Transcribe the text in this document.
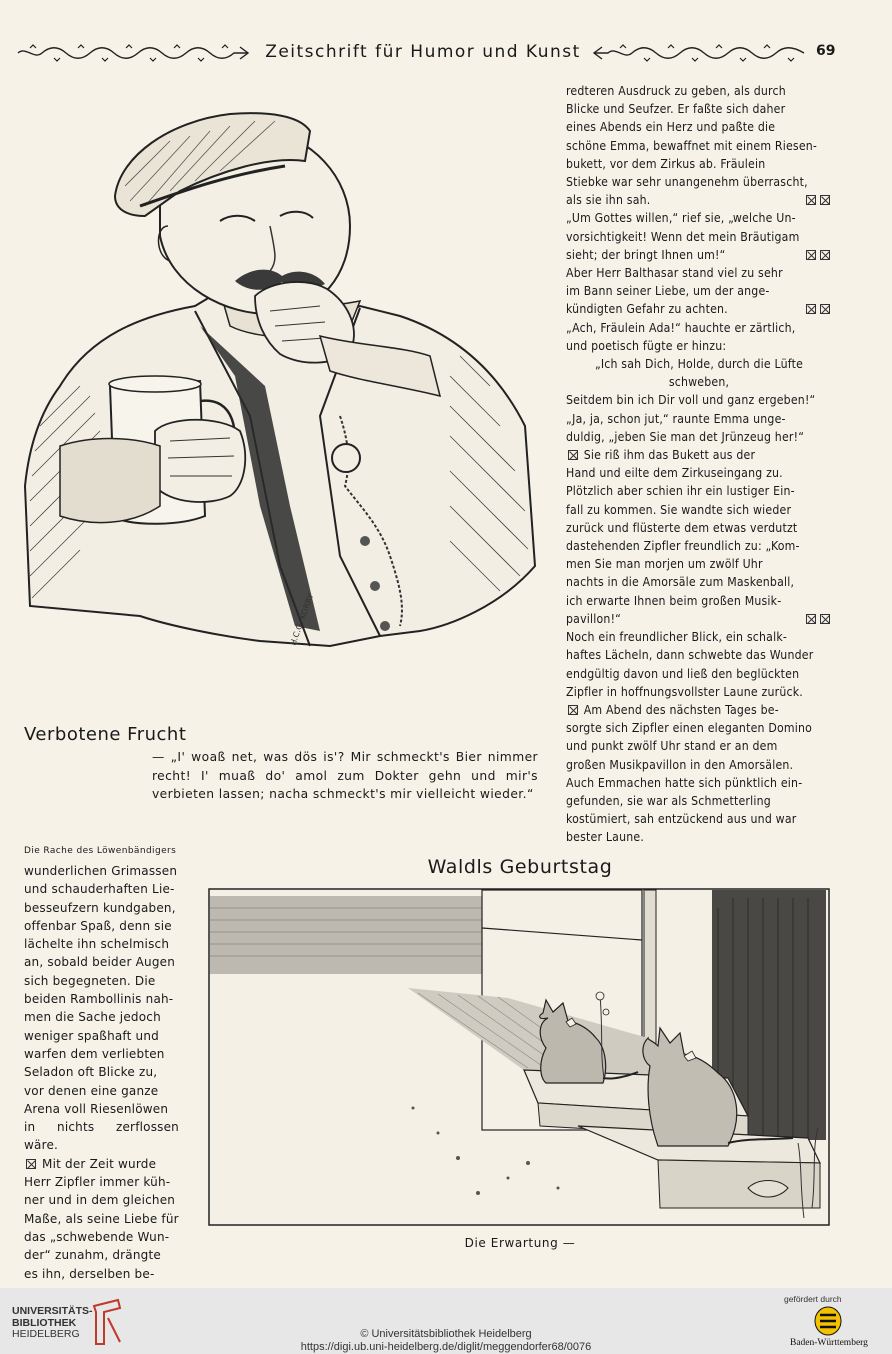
Zeitschrift für Humor und Kunst	69
H.C.G. KORRY

redteren Ausdruck zu geben, als durch

Blicke und Seufzer. Er faßte sich daher

eines Abends ein Herz und paßte die

schöne Emma, bewaffnet mit einem Riesen-

bukett, vor dem Zirkus ab. Fräulein

Stiebke war sehr unangenehm überrascht,

als sie ihn sah.

„Um Gottes willen,“ rief sie, „welche Un-

vorsichtigkeit! Wenn det mein Bräutigam

sieht; der bringt Ihnen um!“

Aber Herr Balthasar stand viel zu sehr

im Bann seiner Liebe, um der ange-

kündigten Gefahr zu achten.

„Ach, Fräulein Ada!“ hauchte er zärtlich,

und poetisch fügte er hinzu:

„Ich sah Dich, Holde, durch die Lüfte

schweben,

Seitdem bin ich Dir voll und ganz ergeben!“

„Ja, ja, schon jut,“ raunte Emma unge-

duldig, „jeben Sie man det Jrünzeug her!“

Sie riß ihm das Bukett aus der

Hand und eilte dem Zirkuseingang zu.

Plötzlich aber schien ihr ein lustiger Ein-

fall zu kommen. Sie wandte sich wieder

zurück und flüsterte dem etwas verdutzt

dastehenden Zipfler freundlich zu: „Kom-

men Sie man morjen um zwölf Uhr

nachts in die Amorsäle zum Maskenball,

ich erwarte Ihnen beim großen Musik-

pavillon!“

Noch ein freundlicher Blick, ein schalk-

haftes Lächeln, dann schwebte das Wunder

endgültig davon und ließ den beglückten

Zipfler in hoffnungsvollster Laune zurück.

Am Abend des nächsten Tages be-

sorgte sich Zipfler einen eleganten Domino

und punkt zwölf Uhr stand er an dem

großen Musikpavillon in den Amorsälen.

Auch Emmachen hatte sich pünktlich ein-

gefunden, sie war als Schmetterling

kostümiert, sah entzückend aus und war

bester Laune.

Verbotene Frucht
— „I' woaß net, was dös is'? Mir schmeckt's Bier nimmer recht! I' muaß do' amol zum Dokter gehn und mir's verbieten lassen; nacha schmeckt's mir vielleicht wieder.“
Die Rache des Löwenbändigers

wunderlichen Grimassen

und schauderhaften Lie-

besseufzern kundgaben,

offenbar Spaß, denn sie

lächelte ihn schelmisch

an, sobald beider Augen

sich begegneten. Die

beiden Rambollinis nah-

men die Sache jedoch

weniger spaßhaft und

warfen dem verliebten

Seladon oft Blicke zu,

vor denen eine ganze

Arena voll Riesenlöwen

in nichts zerflossen wäre.

Mit der Zeit wurde

Herr Zipfler immer küh-

ner und in dem gleichen

Maße, als seine Liebe für

das „schwebende Wun-

der“ zunahm, drängte

es ihn, derselben be-

Waldls Geburtstag
Die Erwartung —
UNIVERSITÄTS-
BIBLIOTHEK
HEIDELBERG
gefördert durch
Baden-Württemberg
© Universitätsbibliothek Heidelberg
https://digi.ub.uni-heidelberg.de/diglit/meggendorfer68/0076
